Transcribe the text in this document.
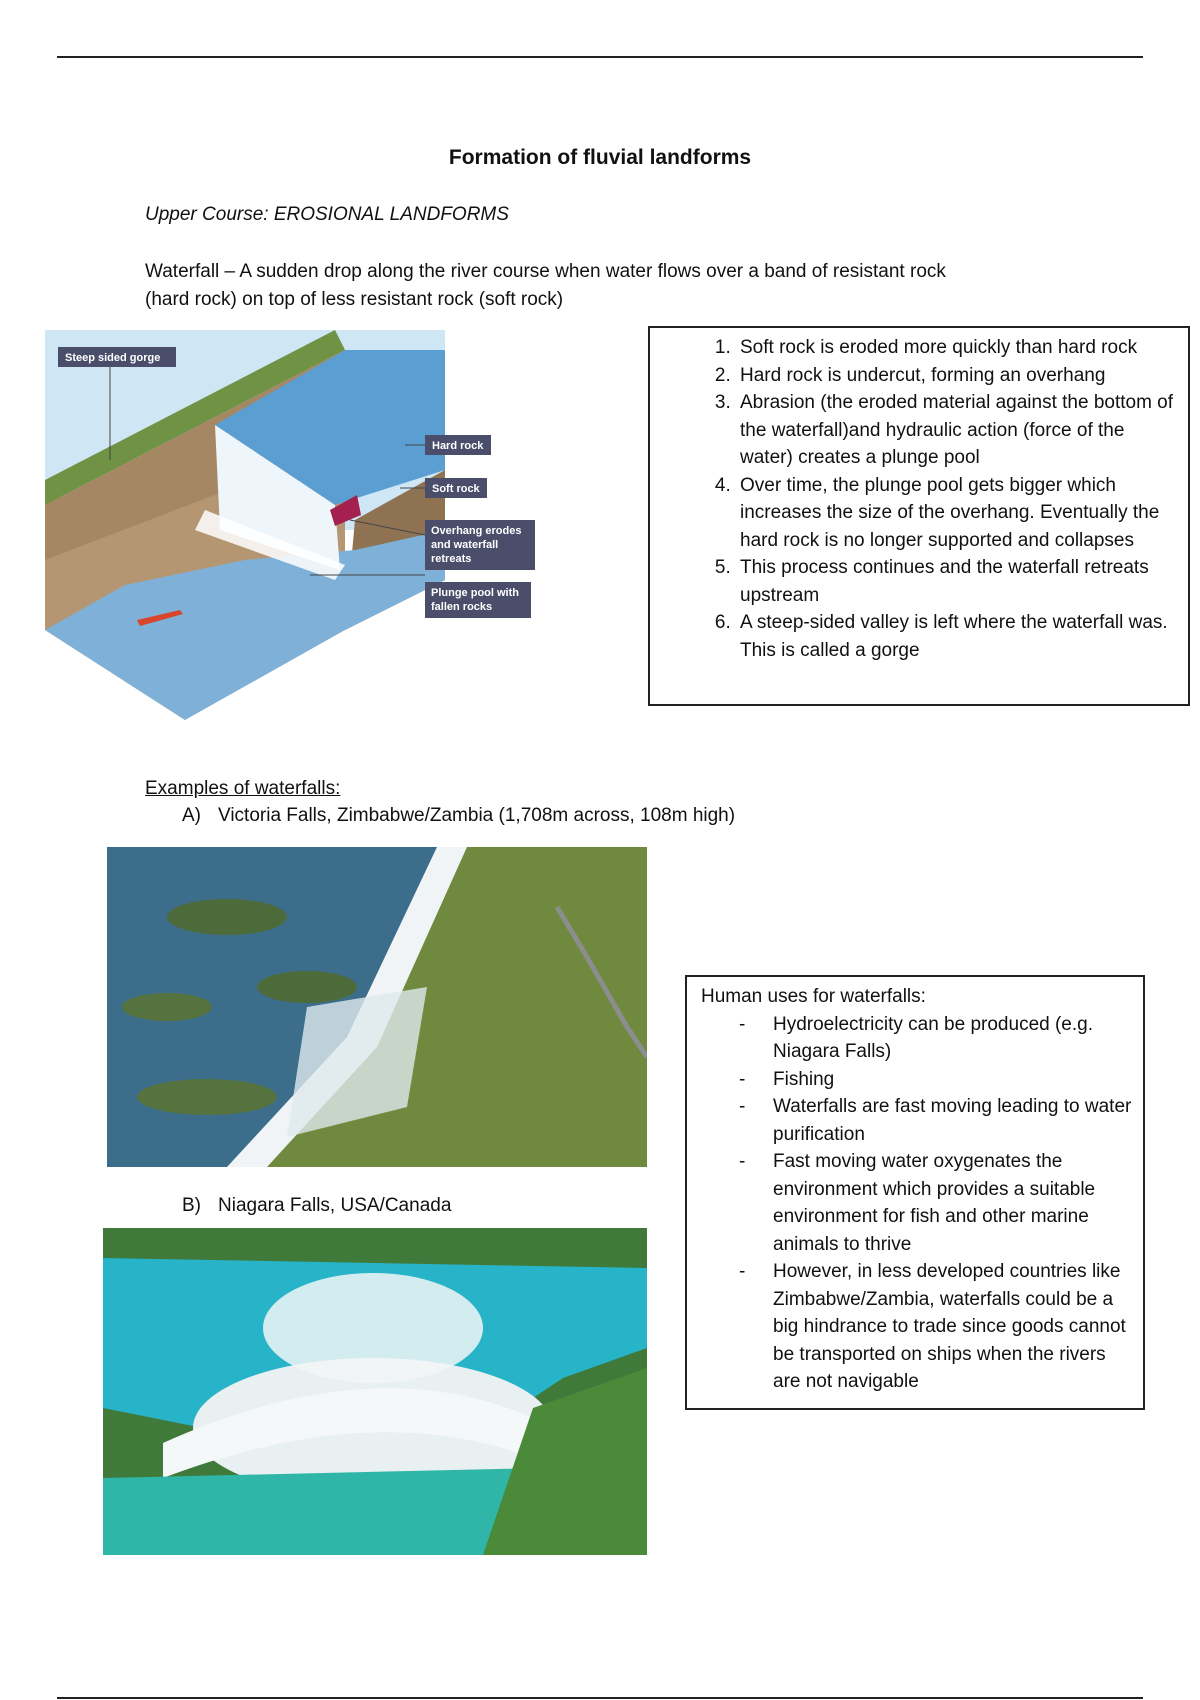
Formation of fluvial landforms
Upper Course: EROSIONAL LANDFORMS
Waterfall – A sudden drop along the river course when water flows over a band of resistant rock
(hard rock) on top of less resistant rock (soft rock)
Steep sided gorge
Hard rock
Soft rock
Overhang erodes
and waterfall
retreats
Plunge pool with
fallen rocks
1. Soft rock is eroded more quickly than hard rock
2. Hard rock is undercut, forming an overhang
3. Abrasion (the eroded material against the bottom of the waterfall)and hydraulic action (force of the water) creates a plunge pool
4. Over time, the plunge pool gets bigger which increases the size of the overhang. Eventually the hard rock is no longer supported and collapses
5. This process continues and the waterfall retreats upstream
6. A steep-sided valley is left where the waterfall was. This is called a gorge
Examples of waterfalls:
A) Victoria Falls, Zimbabwe/Zambia (1,708m across, 108m high)
B) Niagara Falls, USA/Canada
Human uses for waterfalls:
- Hydroelectricity can be produced (e.g. Niagara Falls)
- Fishing
- Waterfalls are fast moving leading to water purification
- Fast moving water oxygenates the environment which provides a suitable environment for fish and other marine animals to thrive
- However, in less developed countries like Zimbabwe/Zambia, waterfalls could be a big hindrance to trade since goods cannot be transported on ships when the rivers are not navigable
